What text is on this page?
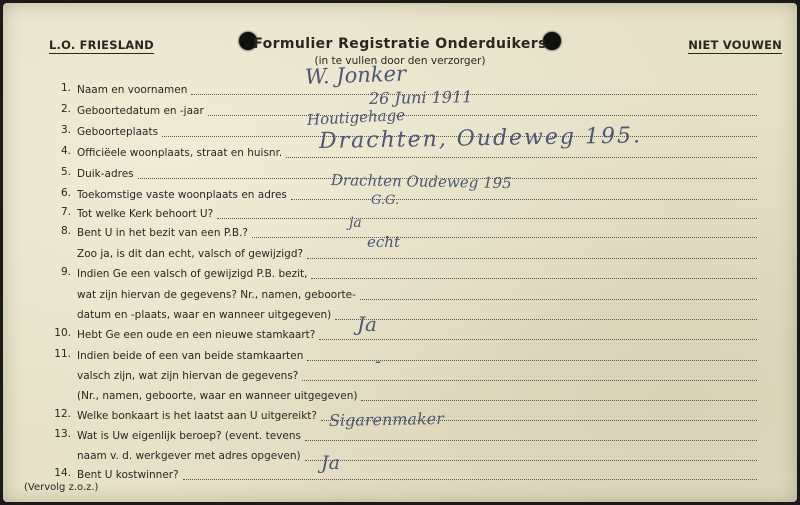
L.O. FRIESLAND	NIET VOUWEN
Formulier Registratie Onderduikers
(in te vullen door den verzorger)
1. Naam en voornamen
2. Geboortedatum en -jaar
3. Geboorteplaats
4. Officiëele woonplaats, straat en huisnr.
5. Duik-adres
6. Toekomstige vaste woonplaats en adres
7. Tot welke Kerk behoort U?
8. Bent U in het bezit van een P.B.?
Zoo ja, is dit dan echt, valsch of gewijzigd?
9. Indien Ge een valsch of gewijzigd P.B. bezit,
wat zijn hiervan de gegevens? Nr., namen, geboorte-
datum en -plaats, waar en wanneer uitgegeven)
10. Hebt Ge een oude en een nieuwe stamkaart?
11. Indien beide of een van beide stamkaarten
valsch zijn, wat zijn hiervan de gegevens?
(Nr., namen, geboorte, waar en wanneer uitgegeven)
12. Welke bonkaart is het laatst aan U uitgereikt?
13. Wat is Uw eigenlijk beroep? (event. tevens
naam v. d. werkgever met adres opgeven)
14. Bent U kostwinner?
W. Jonker
26 Juni 1911
Houtigehage
Drachten, Oudeweg 195.
Drachten Oudeweg 195
G.G.
ja
echt
Ja
-
Sigarenmaker
Ja
(Vervolg z.o.z.)
